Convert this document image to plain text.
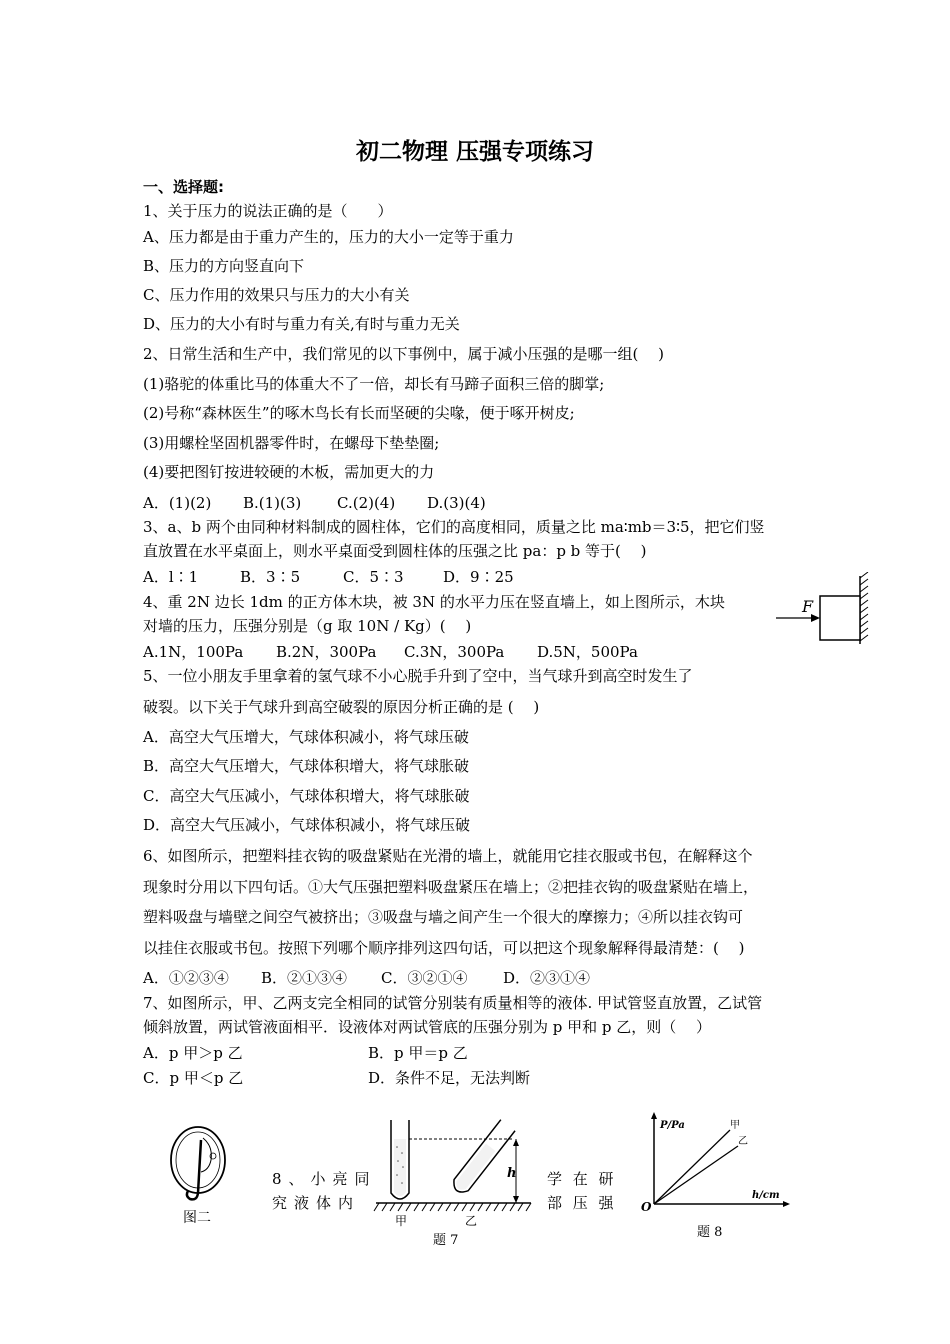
初二物理 压强专项练习
一、选择题:
1、关于压力的说法正确的是（　　）
A、压力都是由于重力产生的，压力的大小一定等于重力
B、压力的方向竖直向下
C、压力作用的效果只与压力的大小有关
D、压力的大小有时与重力有关,有时与重力无关
2、日常生活和生产中，我们常见的以下事例中，属于减小压强的是哪一组(　 )
(1)骆驼的体重比马的体重大不了一倍，却长有马蹄子面积三倍的脚掌;
(2)号称“森林医生”的啄木鸟长有长而坚硬的尖喙，便于啄开树皮;
(3)用螺栓坚固机器零件时，在螺母下垫垫圈;
(4)要把图钉按进较硬的木板，需加更大的力
A．(1)(2) B.(1)(3) C.(2)(4) D.(3)(4)
3、a、b 两个由同种材料制成的圆柱体，它们的高度相同，质量之比 ma∶mb＝3∶5，把它们竖
直放置在水平桌面上，则水平桌面受到圆柱体的压强之比 pa：p b 等于(　 )
A．l∶1	B．3∶5	C．5∶3	D．9∶25
4、重 2N 边长 1dm 的正方体木块，被 3N 的水平力压在竖直墙上，如上图所示，木块
对墙的压力，压强分别是（g 取 10N / Kg）(　 )
A.1N，100Pa B.2N，300Pa C.3N，300Pa D.5N，500Pa
F
5、一位小朋友手里拿着的氢气球不小心脱手升到了空中，当气球升到高空时发生了
破裂。以下关于气球升到高空破裂的原因分析正确的是 (　 )
A．高空大气压增大，气球体积减小，将气球压破
B．高空大气压增大，气球体积增大，将气球胀破
C．高空大气压减小，气球体积增大，将气球胀破
D．高空大气压减小，气球体积减小，将气球压破
6、如图所示，把塑料挂衣钩的吸盘紧贴在光滑的墙上，就能用它挂衣服或书包，在解释这个
现象时分用以下四句话。①大气压强把塑料吸盘紧压在墙上；②把挂衣钩的吸盘紧贴在墙上，
塑料吸盘与墙壁之间空气被挤出；③吸盘与墙之间产生一个很大的摩擦力；④所以挂衣钩可
以挂住衣服或书包。按照下列哪个顺序排列这四句话，可以把这个现象解释得最清楚：(　 )
A．①②③④ B．②①③④ C．③②①④ D．②③①④
7、如图所示，甲、乙两支完全相同的试管分别装有质量相等的液体. 甲试管竖直放置，乙试管
倾斜放置，两试管液面相平．设液体对两试管底的压强分别为 p 甲和 p 乙，则（　 ）
A．p 甲＞p 乙	B．p 甲＝p 乙
C．p 甲＜p 乙	D．条件不足，无法判断
图二
8、小亮同
究液体内
学 在 研
部 压 强
h
甲	乙
题 7
P/Pa
h/cm
O
甲
乙
题 8
